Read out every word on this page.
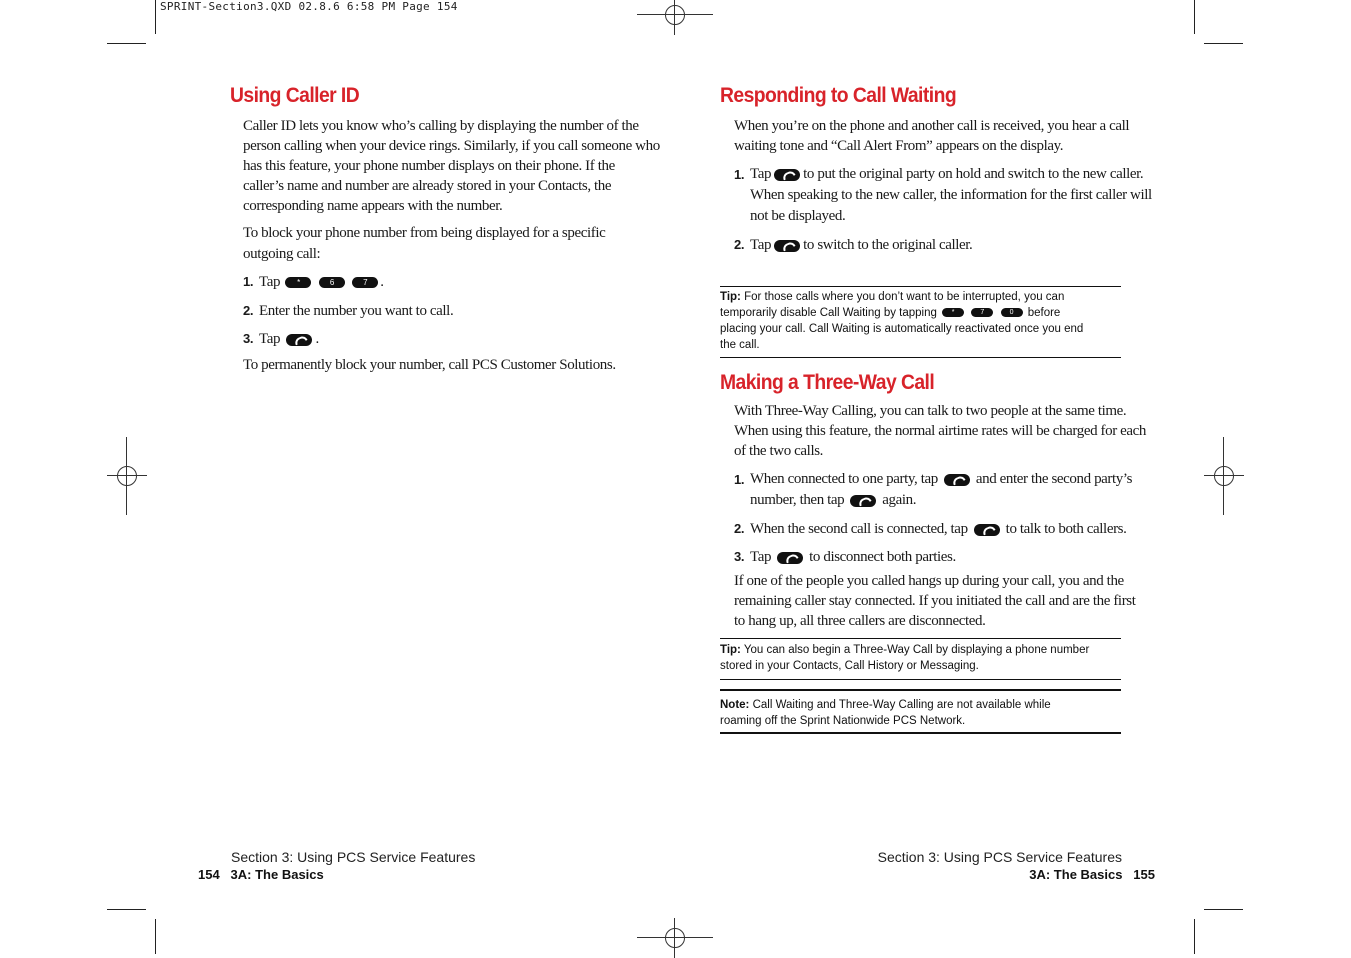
SPRINT-Section3.QXD 02.8.6 6:58 PM Page 154
Using Caller ID
Caller ID lets you know who’s calling by displaying the number of the
person calling when your device rings. Similarly, if you call someone who
has this feature, your phone number displays on their phone. If the
caller’s name and number are already stored in your Contacts, the
corresponding name appears with the number.
To block your phone number from being displayed for a specific
outgoing call:
1. Tap *	6	7 .
2. Enter the number you want to call.
3. Tap .
To permanently block your number, call PCS Customer Solutions.
Responding to Call Waiting
When you’re on the phone and another call is received, you hear a call
waiting tone and “Call Alert From” appears on the display.
1. Tap to put the original party on hold and switch to the new caller.
When speaking to the new caller, the information for the first caller will
not be displayed.
2. Tap to switch to the original caller.
Tip: For those calls where you don’t want to be interrupted, you can
temporarily disable Call Waiting by tapping *	7	0 before
placing your call. Call Waiting is automatically reactivated once you end
the call.
Making a Three-Way Call
With Three-Way Calling, you can talk to two people at the same time.
When using this feature, the normal airtime rates will be charged for each
of the two calls.
1. When connected to one party, tap	and enter the second party’s
number, then tap	again.
2. When the second call is connected, tap	to talk to both callers.
3. Tap	to disconnect both parties.
If one of the people you called hangs up during your call, you and the
remaining caller stay connected. If you initiated the call and are the first
to hang up, all three callers are disconnected.
Tip: You can also begin a Three-Way Call by displaying a phone number
stored in your Contacts, Call History or Messaging.
Note: Call Waiting and Three-Way Calling are not available while
roaming off the Sprint Nationwide PCS Network.
Section 3: Using PCS Service Features
154 3A: The Basics
Section 3: Using PCS Service Features
3A: The Basics 155
